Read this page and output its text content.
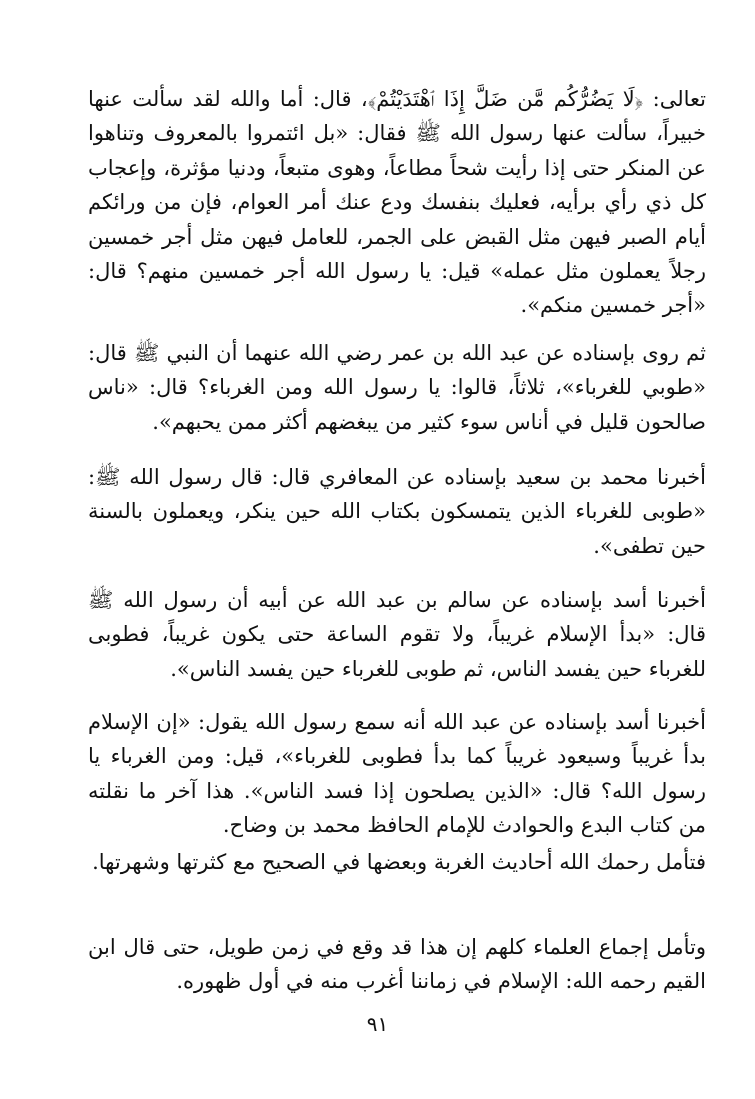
تعالى: ﴿لَا يَضُرُّكُم مَّن ضَلَّ إِذَا ٱهْتَدَيْتُمْ﴾، قال: أما والله لقد سألت عنها خبيراً، سألت عنها رسول الله ﷺ فقال: «بل ائتمروا بالمعروف وتناهوا عن المنكر حتى إذا رأيت شحاً مطاعاً، وهوى متبعاً، ودنيا مؤثرة، وإعجاب كل ذي رأي برأيه، فعليك بنفسك ودع عنك أمر العوام، فإن من ورائكم أيام الصبر فيهن مثل القبض على الجمر، للعامل فيهن مثل أجر خمسين رجلاً يعملون مثل عمله» قيل: يا رسول الله أجر خمسين منهم؟ قال: «أجر خمسين منكم».
ثم روى بإسناده عن عبد الله بن عمر رضي الله عنهما أن النبي ﷺ قال: «طوبي للغرباء»، ثلاثاً، قالوا: يا رسول الله ومن الغرباء؟ قال: «ناس صالحون قليل في أناس سوء كثير من يبغضهم أكثر ممن يحبهم».
أخبرنا محمد بن سعيد بإسناده عن المعافري قال: قال رسول الله ﷺ: «طوبى للغرباء الذين يتمسكون بكتاب الله حين ينكر، ويعملون بالسنة حين تطفى».
أخبرنا أسد بإسناده عن سالم بن عبد الله عن أبيه أن رسول الله ﷺ قال: «بدأ الإسلام غريباً، ولا تقوم الساعة حتى يكون غريباً، فطوبى للغرباء حين يفسد الناس، ثم طوبى للغرباء حين يفسد الناس».
أخبرنا أسد بإسناده عن عبد الله أنه سمع رسول الله يقول: «إن الإسلام بدأ غريباً وسيعود غريباً كما بدأ فطوبى للغرباء»، قيل: ومن الغرباء يا رسول الله؟ قال: «الذين يصلحون إذا فسد الناس». هذا آخر ما نقلته من كتاب البدع والحوادث للإمام الحافظ محمد بن وضاح.
فتأمل رحمك الله أحاديث الغربة وبعضها في الصحيح مع كثرتها وشهرتها.
وتأمل إجماع العلماء كلهم إن هذا قد وقع في زمن طويل، حتى قال ابن القيم رحمه الله: الإسلام في زماننا أغرب منه في أول ظهوره.
٩١
